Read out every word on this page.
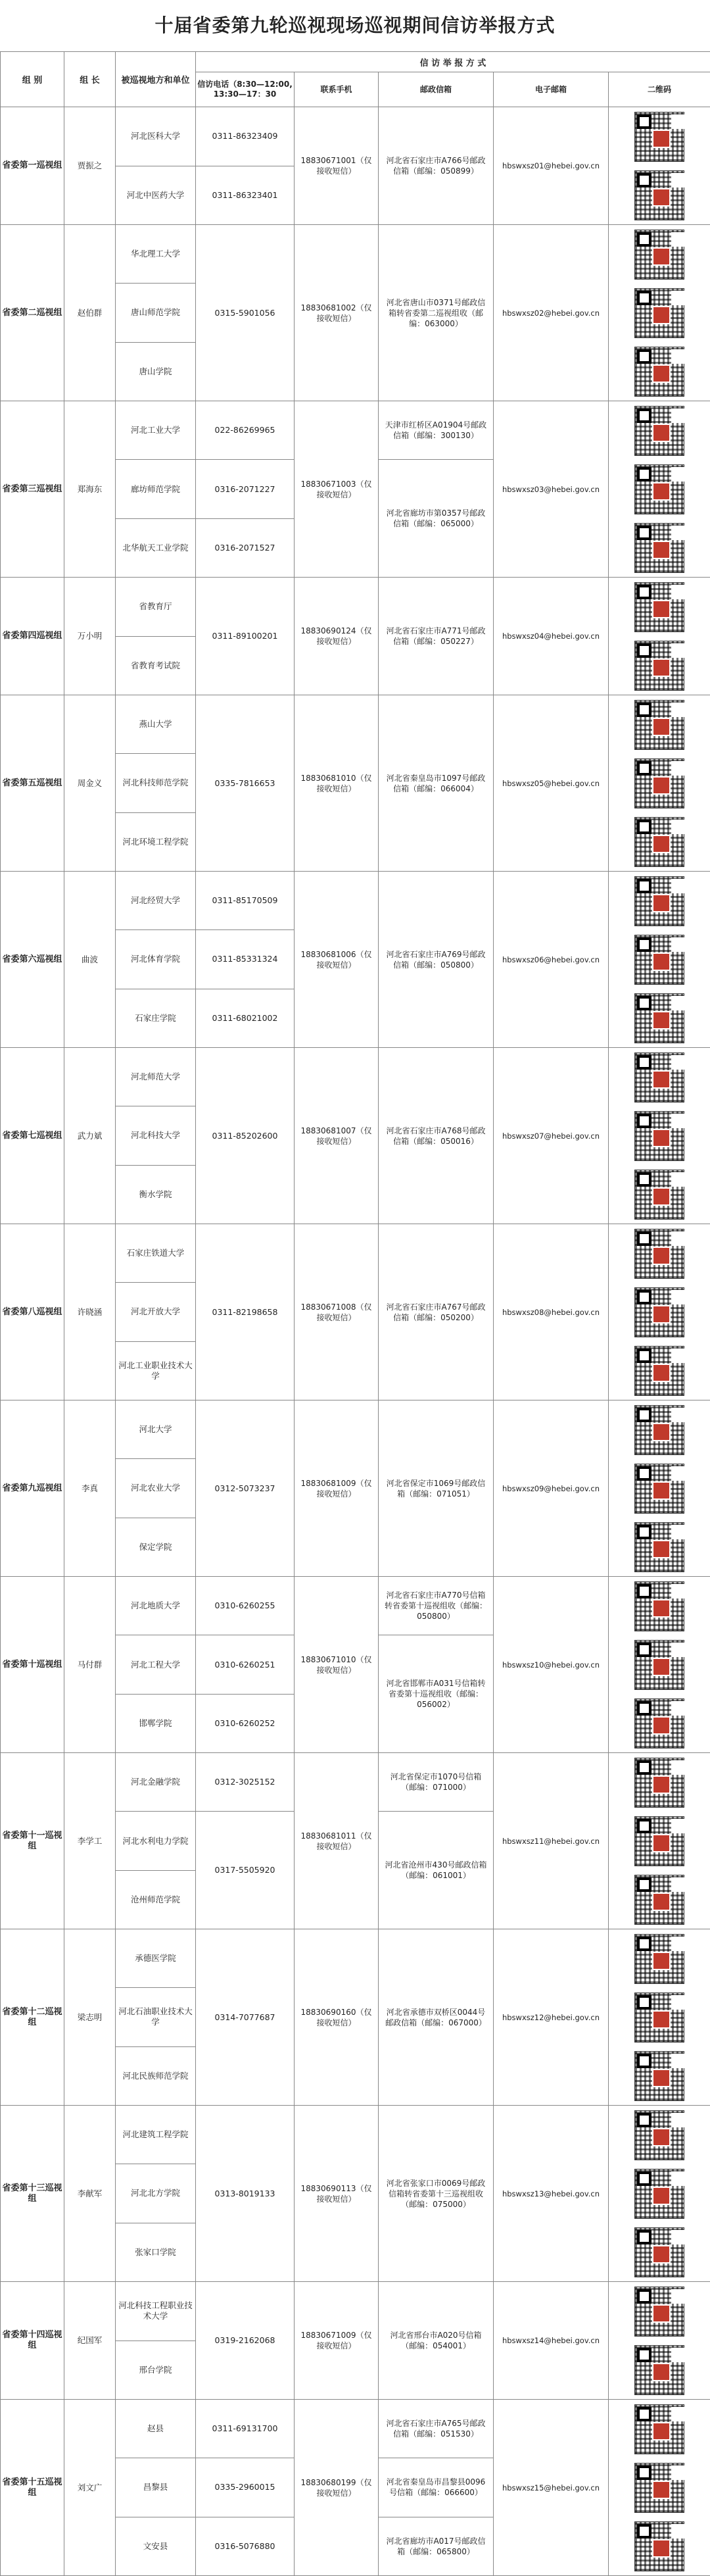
十届省委第九轮巡视现场巡视期间信访举报方式
组 别	组 长	被巡视地方和单位	信 访 举 报 方 式				
			信访电话（8:30—12:00, 13:30—17：30	联系手机	邮政信箱	电子邮箱	二维码
省委第一巡视组	贾振之	河北医科大学	0311-86323409	18830671001（仅接收短信）	河北省石家庄市A766号邮政信箱（邮编：050899）	hbswxsz01@hebei.gov.cn	

		河北中医药大学	0311-86323401				
省委第二巡视组	赵伯群	华北理工大学	0315-5901056	18830681002（仅接收短信）	河北省唐山市0371号邮政信箱转省委第二巡视组收（邮编：063000）	hbswxsz02@hebei.gov.cn	

		唐山师范学院					
		唐山学院					
省委第三巡视组	郑海东	河北工业大学	022-86269965	18830671003（仅接收短信）	天津市红桥区A01904号邮政信箱（邮编：300130）	hbswxsz03@hebei.gov.cn	

		廊坊师范学院	0316-2071227		河北省廊坊市第0357号邮政信箱（邮编：065000）		
		北华航天工业学院	0316-2071527				
省委第四巡视组	万小明	省教育厅	0311-89100201	18830690124（仅接收短信）	河北省石家庄市A771号邮政信箱（邮编：050227）	hbswxsz04@hebei.gov.cn	

		省教育考试院					
省委第五巡视组	周金义	燕山大学	0335-7816653	18830681010（仅接收短信）	河北省秦皇岛市1097号邮政信箱（邮编：066004）	hbswxsz05@hebei.gov.cn	

		河北科技师范学院					
		河北环境工程学院					
省委第六巡视组	曲波	河北经贸大学	0311-85170509	18830681006（仅接收短信）	河北省石家庄市A769号邮政信箱（邮编：050800）	hbswxsz06@hebei.gov.cn	

		河北体育学院	0311-85331324				
		石家庄学院	0311-68021002				
省委第七巡视组	武力斌	河北师范大学	0311-85202600	18830681007（仅接收短信）	河北省石家庄市A768号邮政信箱（邮编：050016）	hbswxsz07@hebei.gov.cn	

		河北科技大学					
		衡水学院					
省委第八巡视组	许晓涵	石家庄铁道大学	0311-82198658	18830671008（仅接收短信）	河北省石家庄市A767号邮政信箱（邮编：050200）	hbswxsz08@hebei.gov.cn	

		河北开放大学					
		河北工业职业技术大学					
省委第九巡视组	李真	河北大学	0312-5073237	18830681009（仅接收短信）	河北省保定市1069号邮政信箱（邮编：071051）	hbswxsz09@hebei.gov.cn	

		河北农业大学					
		保定学院					
省委第十巡视组	马付群	河北地质大学	0310-6260255	18830671010（仅接收短信）	河北省石家庄市A770号信箱转省委第十巡视组收（邮编：050800）	hbswxsz10@hebei.gov.cn	

		河北工程大学	0310-6260251		河北省邯郸市A031号信箱转省委第十巡视组收（邮编：056002）		
		邯郸学院	0310-6260252				
省委第十一巡视组	李学工	河北金融学院	0312-3025152	18830681011（仅接收短信）	河北省保定市1070号信箱（邮编：071000）	hbswxsz11@hebei.gov.cn	

		河北水利电力学院	0317-5505920		河北省沧州市430号邮政信箱（邮编：061001）		
		沧州师范学院					
省委第十二巡视组	梁志明	承德医学院	0314-7077687	18830690160（仅接收短信）	河北省承德市双桥区0044号邮政信箱（邮编：067000）	hbswxsz12@hebei.gov.cn	

		河北石油职业技术大学					
		河北民族师范学院					
省委第十三巡视组	李献军	河北建筑工程学院	0313-8019133	18830690113（仅接收短信）	河北省张家口市0069号邮政信箱转省委第十三巡视组收（邮编：075000）	hbswxsz13@hebei.gov.cn	

		河北北方学院					
		张家口学院					
省委第十四巡视组	纪国军	河北科技工程职业技术大学	0319-2162068	18830671009（仅接收短信）	河北省邢台市A020号信箱（邮编：054001）	hbswxsz14@hebei.gov.cn	

		邢台学院					
省委第十五巡视组	刘文广	赵县	0311-69131700	18830680199（仅接收短信）	河北省石家庄市A765号邮政信箱（邮编：051530）	hbswxsz15@hebei.gov.cn	

		昌黎县	0335-2960015		河北省秦皇岛市昌黎县0096号信箱（邮编：066600）		
		文安县	0316-5076880		河北省廊坊市A017号邮政信箱（邮编：065800）		
